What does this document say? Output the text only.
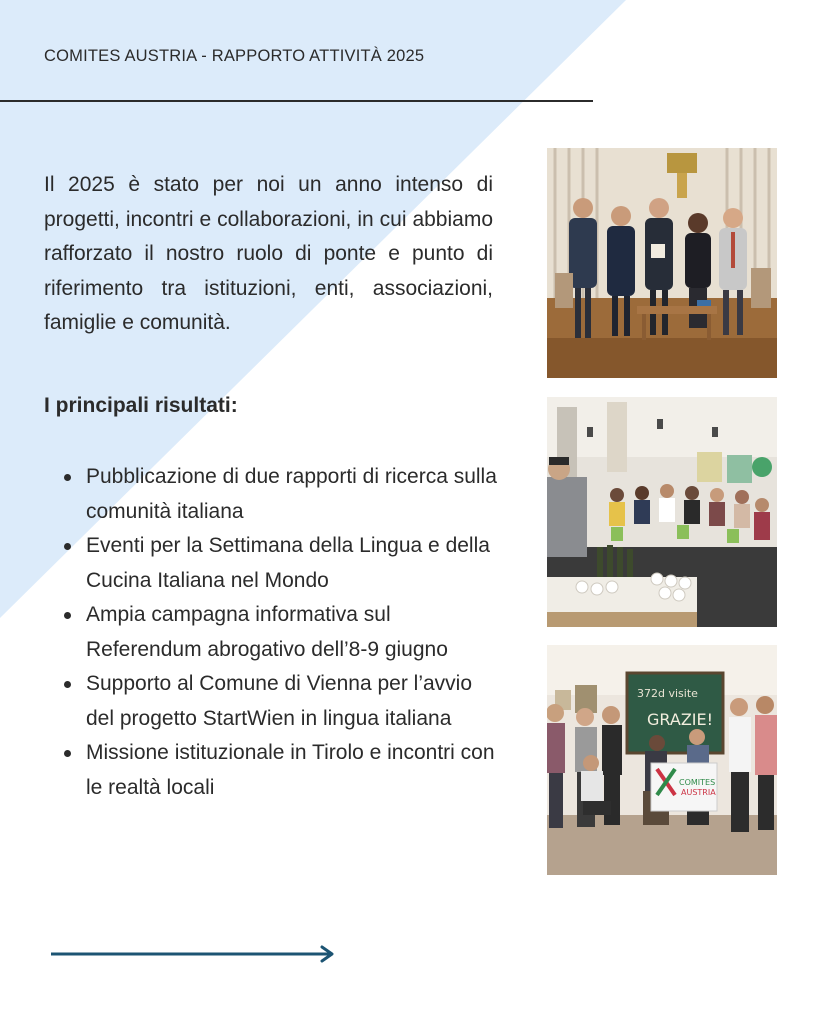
COMITES AUSTRIA - RAPPORTO ATTIVITÀ 2025

Il 2025 è stato per noi un anno intenso di progetti, incontri e collaborazioni, in cui abbiamo rafforzato il nostro ruolo di ponte e punto di riferimento tra istituzioni, enti, associazioni, famiglie e comunità.

I principali risultati:
Pubblicazione di due rapporti di ricerca sulla comunità italiana
Eventi per la Settimana della Lingua e della Cucina Italiana nel Mondo
Ampia campagna informativa sul Referendum abrogativo dell’8-9 giugno
Supporto al Comune di Vienna per l’avvio del progetto StartWien in lingua italiana
Missione istituzionale in Tirolo e incontri con le realtà locali
372d visite
GRAZIE!
COMITES
AUSTRIA
